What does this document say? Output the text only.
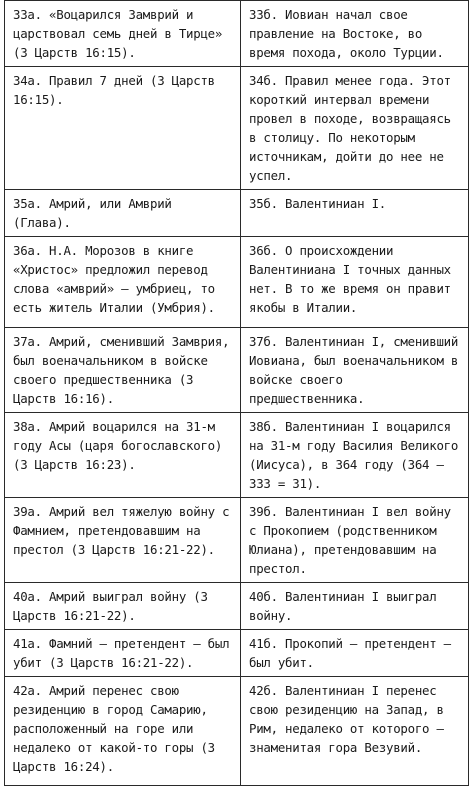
33а. «Воцарился Замврий и царствовал семь дней в Тирце» (3 Царств 16:15).	33б. Иовиан начал свое правление на Востоке, во время похода, около Турции.
34а. Правил 7 дней (3 Царств 16:15).	34б. Правил менее года. Этот короткий интервал времени провел в походе, возвращаясь в столицу. По некоторым источникам, дойти до нее не успел.
35а. Амрий, или Амврий (Глава).	35б. Валентиниан I.
36а. Н.А. Морозов в книге «Христос» предложил перевод слова «амврий» – умбриец, то есть житель Италии (Умбрия).	36б. О происхождении Валентиниана I точных данных нет. В то же время он правит якобы в Италии.
37а. Амрий, сменивший Замврия, был военачальником в войске своего предшественника (3 Царств 16:16).	37б. Валентиниан I, сменивший Иовиана, был военачальником в войске своего предшественника.
38а. Амрий воцарился на 31-м году Асы (царя богославского) (3 Царств 16:23).	38б. Валентиниан I воцарился на 31-м году Василия Великого (Иисуса), в 364 году (364 – 333 = 31).
39а. Амрий вел тяжелую войну с Фамнием, претендовавшим на престол (3 Царств 16:21-22).	39б. Валентиниан I вел войну с Прокопием (родственником Юлиана), претендовавшим на престол.
40а. Амрий выиграл войну (3 Царств 16:21-22).	40б. Валентиниан I выиграл войну.
41а. Фамний – претендент – был убит (3 Царств 16:21-22).	41б. Прокопий – претендент – был убит.
42а. Амрий перенес свою резиденцию в город Самарию, расположенный на горе или недалеко от какой-то горы (3 Царств 16:24).	42б. Валентиниан I перенес свою резиденцию на Запад, в Рим, недалеко от которого – знаменитая гора Везувий.
